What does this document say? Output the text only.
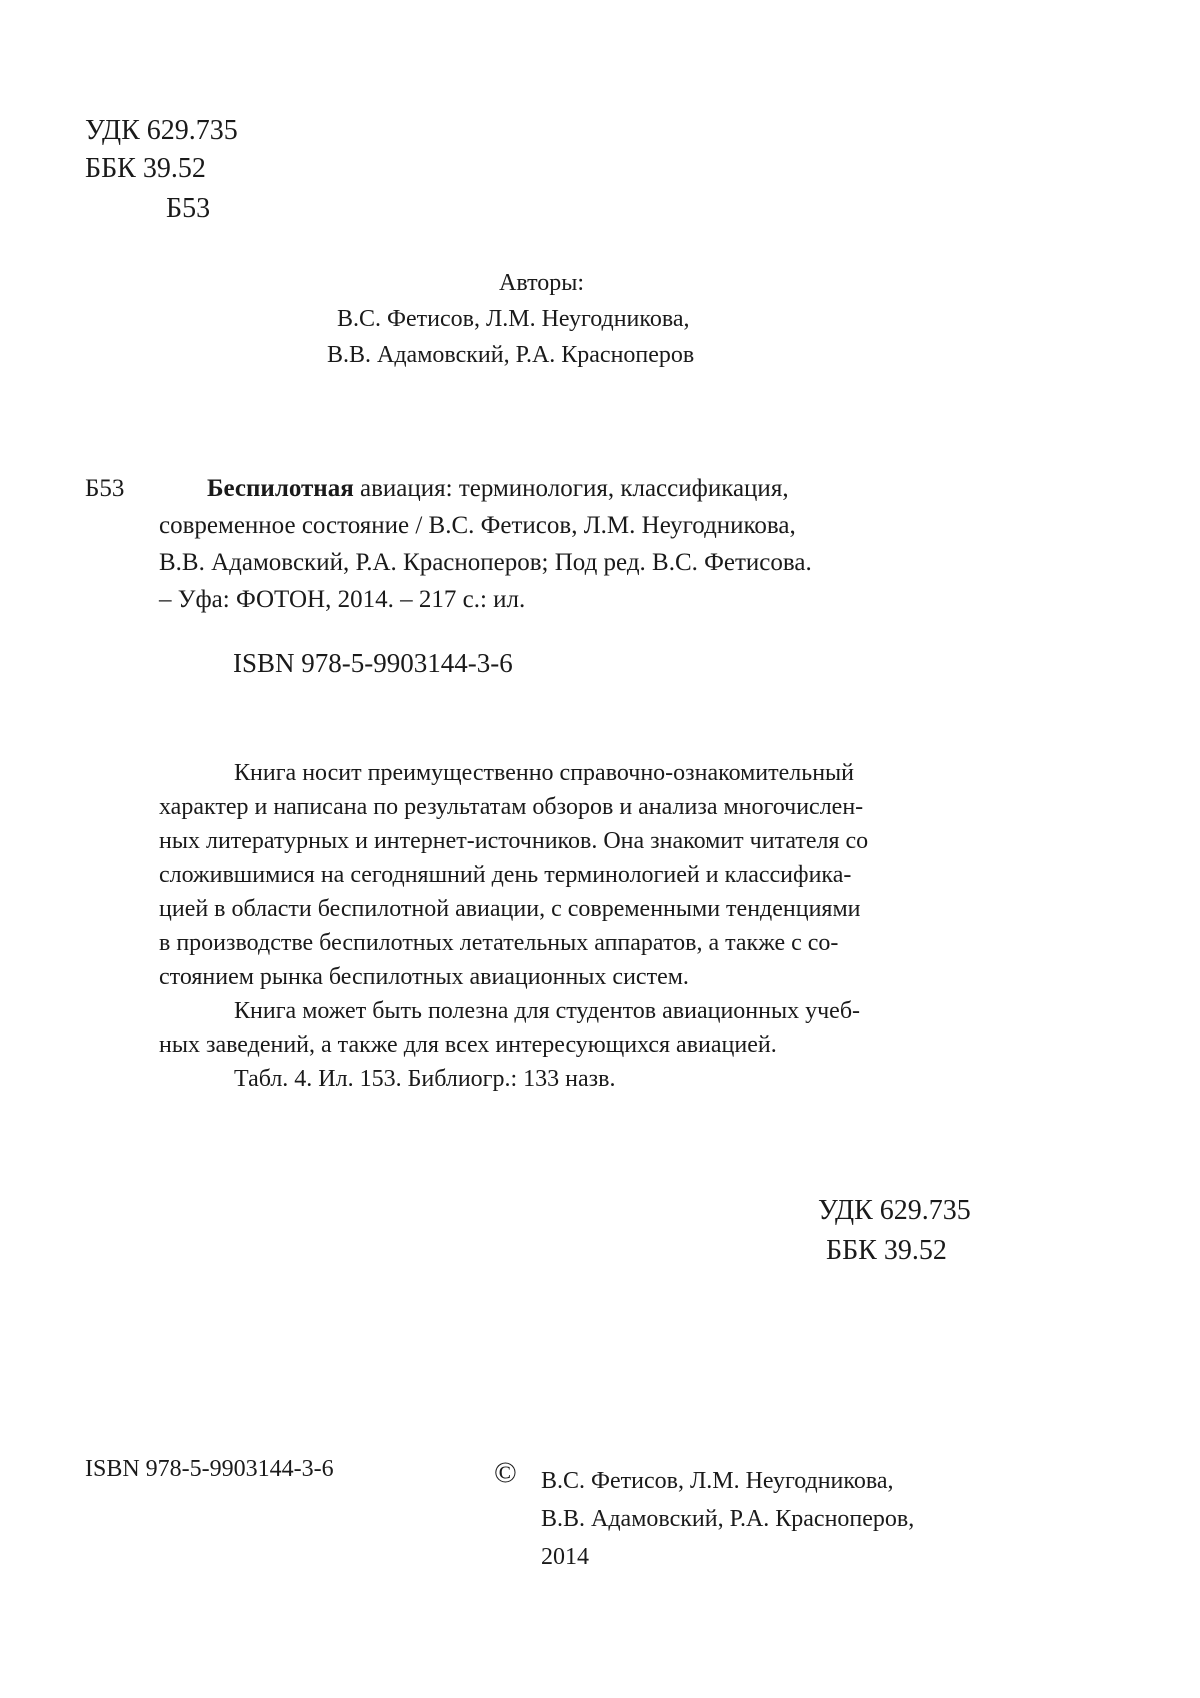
УДК 629.735
ББК 39.52
Б53
Авторы:
В.С. Фетисов, Л.М. Неугодникова,
В.В. Адамовский, Р.А. Красноперов
Б53	Беспилотная авиация: терминология, классификация,
современное состояние / В.С. Фетисов, Л.М. Неугодникова,
В.В. Адамовский, Р.А. Красноперов; Под ред. В.С. Фетисова.
– Уфа: ФОТОН, 2014. – 217 с.: ил.
ISBN 978-5-9903144-3-6
Книга носит преимущественно справочно-ознакомительный
характер и написана по результатам обзоров и анализа многочислен-
ных литературных и интернет-источников. Она знакомит читателя со
сложившимися на сегодняшний день терминологией и классифика-
цией в области беспилотной авиации, с современными тенденциями
в производстве беспилотных летательных аппаратов, а также с со-
стоянием рынка беспилотных авиационных систем.
Книга может быть полезна для студентов авиационных учеб-
ных заведений, а также для всех интересующихся авиацией.
Табл. 4. Ил. 153. Библиогр.: 133 назв.
УДК 629.735
ББК 39.52
ISBN 978-5-9903144-3-6	© В.С. Фетисов, Л.М. Неугодникова,
В.В. Адамовский, Р.А. Красноперов,
2014
